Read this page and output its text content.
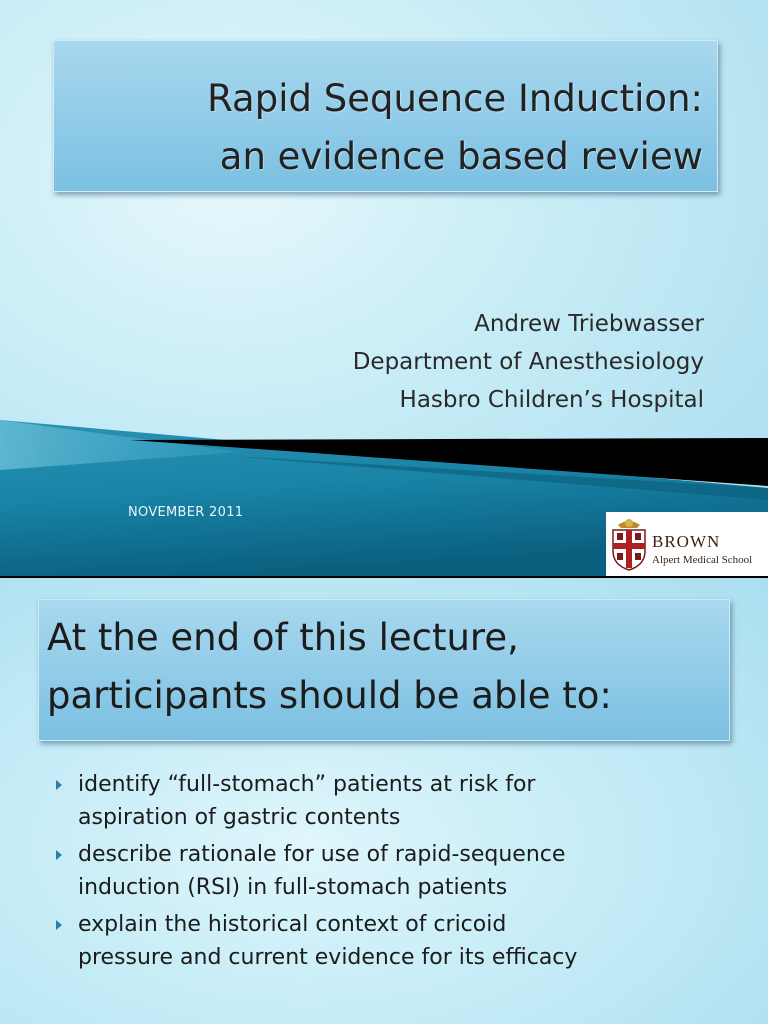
Rapid Sequence Induction:
an evidence based review
Andrew Triebwasser
Department of Anesthesiology
Hasbro Children’s Hospital
NOVEMBER 2011
BROWN
Alpert Medical School
At the end of this lecture,
participants should be able to:
identify “full-stomach” patients at risk for
aspiration of gastric contents
describe rationale for use of rapid-sequence
induction (RSI) in full-stomach patients
explain the historical context of cricoid
pressure and current evidence for its efficacy
